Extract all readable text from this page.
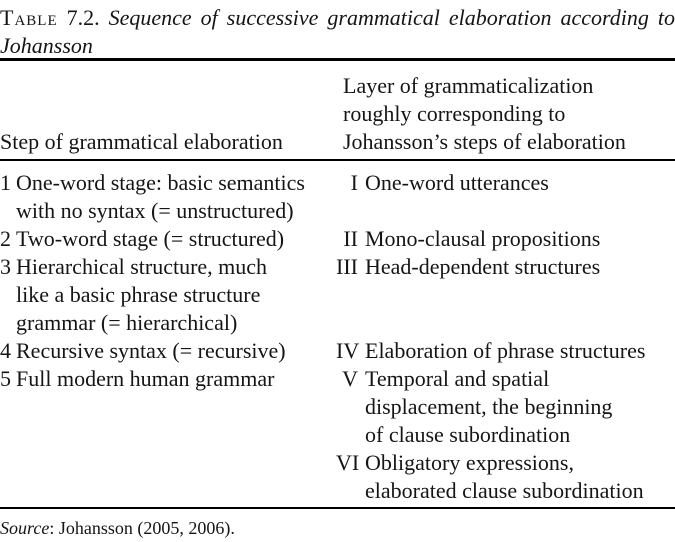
Table 7.2. Sequence of successive grammatical elaboration according to
Johansson
Step of grammatical elaboration
Layer of grammaticalization
roughly corresponding to
Johansson’s steps of elaboration
1 One-word stage: basic semantics
with no syntax (= unstructured)
I One-word utterances
2 Two-word stage (= structured)	II Mono-clausal propositions
3 Hierarchical structure, much
like a basic phrase structure
grammar (= hierarchical)
III Head-dependent structures
4 Recursive syntax (= recursive) IV Elaboration of phrase structures
5 Full modern human grammar	V Temporal and spatial
displacement, the beginning
of clause subordination
VI Obligatory expressions,
elaborated clause subordination
Source: Johansson (2005, 2006).
